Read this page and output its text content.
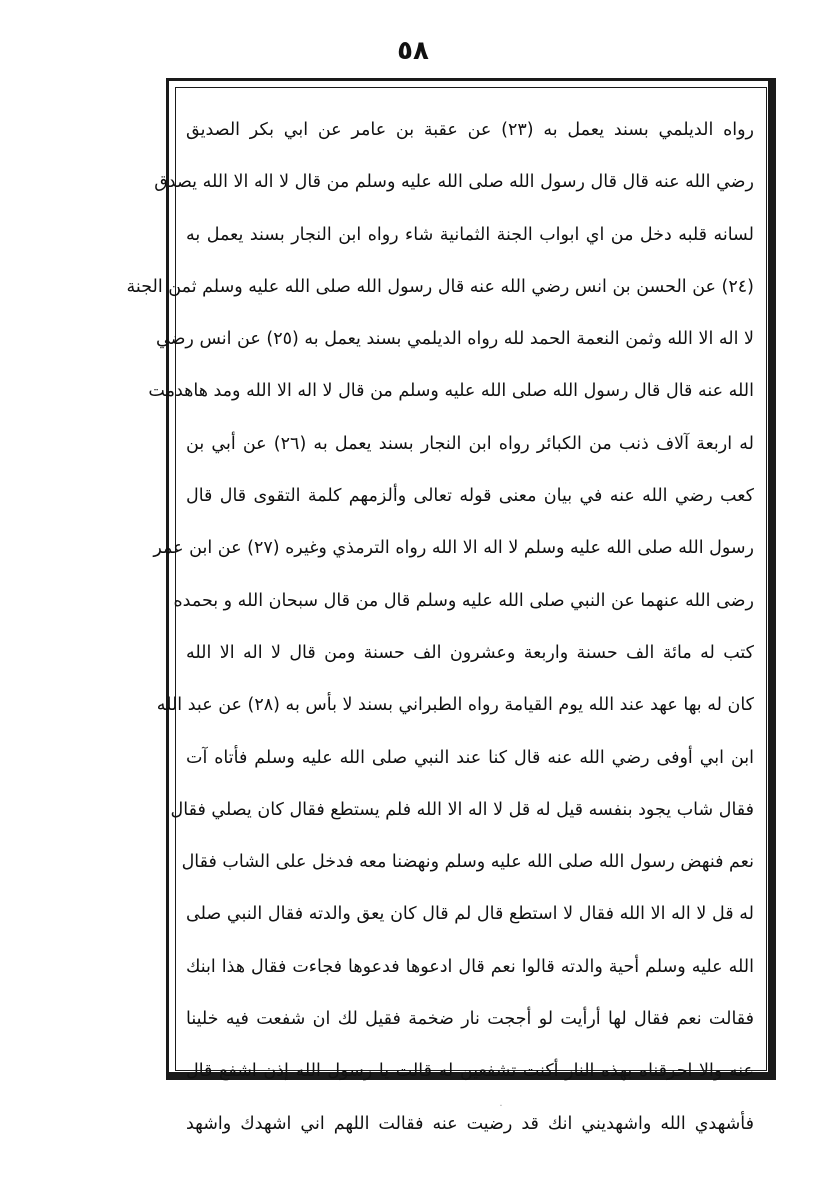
٥٨
رواه الديلمي بسند يعمل به (٢٣) عن عقبة بن عامر عن ابي بكر الصديق
رضي الله عنه قال قال رسول الله صلى الله عليه وسلم من قال لا اله الا الله يصدق
لسانه قلبه دخل من اي ابواب الجنة الثمانية شاء رواه ابن النجار بسند يعمل به
(٢٤) عن الحسن بن انس رضي الله عنه قال رسول الله صلى الله عليه وسلم ثمن الجنة
لا اله الا الله وثمن النعمة الحمد لله رواه الديلمي بسند يعمل به (٢٥) عن انس رضي
الله عنه قال قال رسول الله صلى الله عليه وسلم من قال لا اله الا الله ومد هاهدمت
له اربعة آلاف ذنب من الكبائر رواه ابن النجار بسند يعمل به (٢٦) عن أبي بن
كعب رضي الله عنه في بيان معنى قوله تعالى وألزمهم كلمة التقوى قال قال
رسول الله صلى الله عليه وسلم لا اله الا الله رواه الترمذي وغيره (٢٧) عن ابن عمر
رضى الله عنهما عن النبي صلى الله عليه وسلم قال من قال سبحان الله و بحمده
كتب له مائة الف حسنة واربعة وعشرون الف حسنة ومن قال لا اله الا الله
كان له بها عهد عند الله يوم القيامة رواه الطبراني بسند لا بأس به (٢٨) عن عبد الله
ابن ابي أوفى رضي الله عنه قال كنا عند النبي صلى الله عليه وسلم فأتاه آت
فقال شاب يجود بنفسه قيل له قل لا اله الا الله فلم يستطع فقال كان يصلي فقال
نعم فنهض رسول الله صلى الله عليه وسلم ونهضنا معه فدخل على الشاب فقال
له قل لا اله الا الله فقال لا استطع قال لم قال كان يعق والدته فقال النبي صلى
الله عليه وسلم أحية والدته قالوا نعم قال ادعوها فدعوها فجاءت فقال هذا ابنك
فقالت نعم فقال لها أرأيت لو أججت نار ضخمة فقيل لك ان شفعت فيه خلينا
عنه والا احرقناه بهذه النار أكنت تشفعين له قالت يا رسول الله إذن اشفع قال
فأشهدي الله واشهديني انك قد رضيت عنه فقالت اللهم اني اشهدك واشهد
·
